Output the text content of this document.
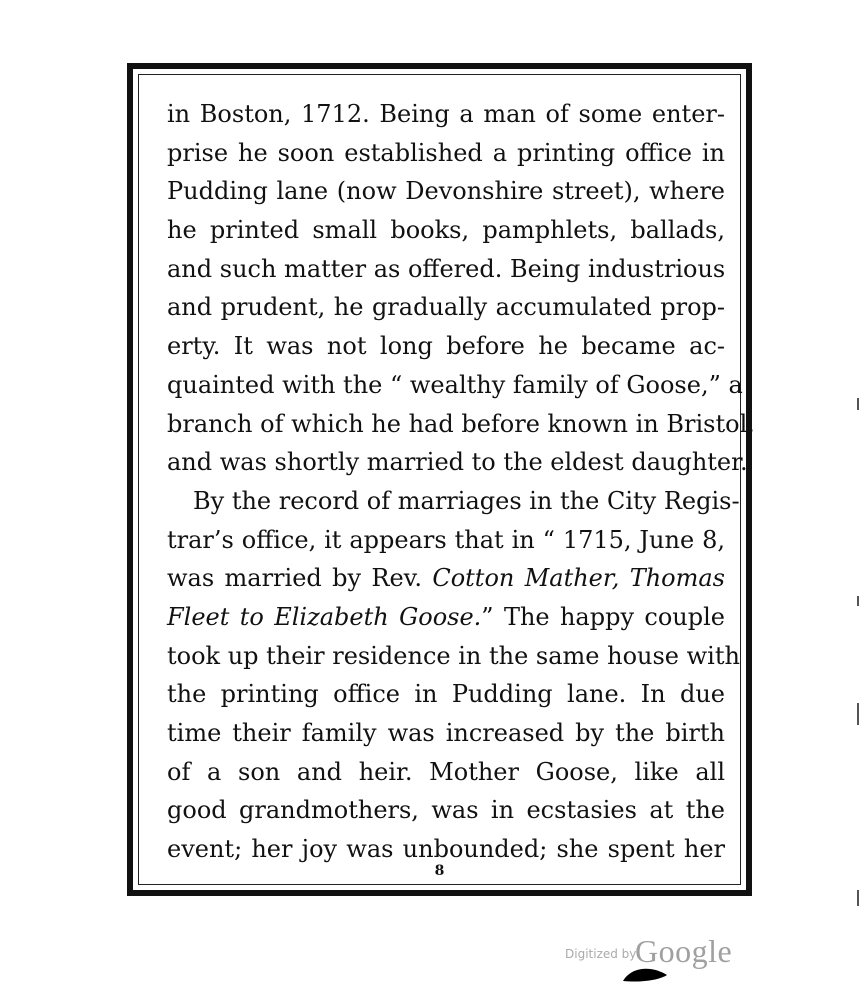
in Boston, 1712. Being a man of some enter-
prise he soon established a printing office in
Pudding lane (now Devonshire street), where
he printed small books, pamphlets, ballads,
and such matter as offered. Being industrious
and prudent, he gradually accumulated prop-
erty. It was not long before he became ac-
quainted with the “ wealthy family of Goose,” a
branch of which he had before known in Bristol,
and was shortly married to the eldest daughter.
By the record of marriages in the City Regis-
trar’s office, it appears that in “ 1715, June 8,
was married by Rev. Cotton Mather, Thomas
Fleet to Elizabeth Goose.” The happy couple
took up their residence in the same house with
the printing office in Pudding lane. In due
time their family was increased by the birth
of a son and heir. Mother Goose, like all
good grandmothers, was in ecstasies at the
event; her joy was unbounded; she spent her
8
Digitized by
Google
